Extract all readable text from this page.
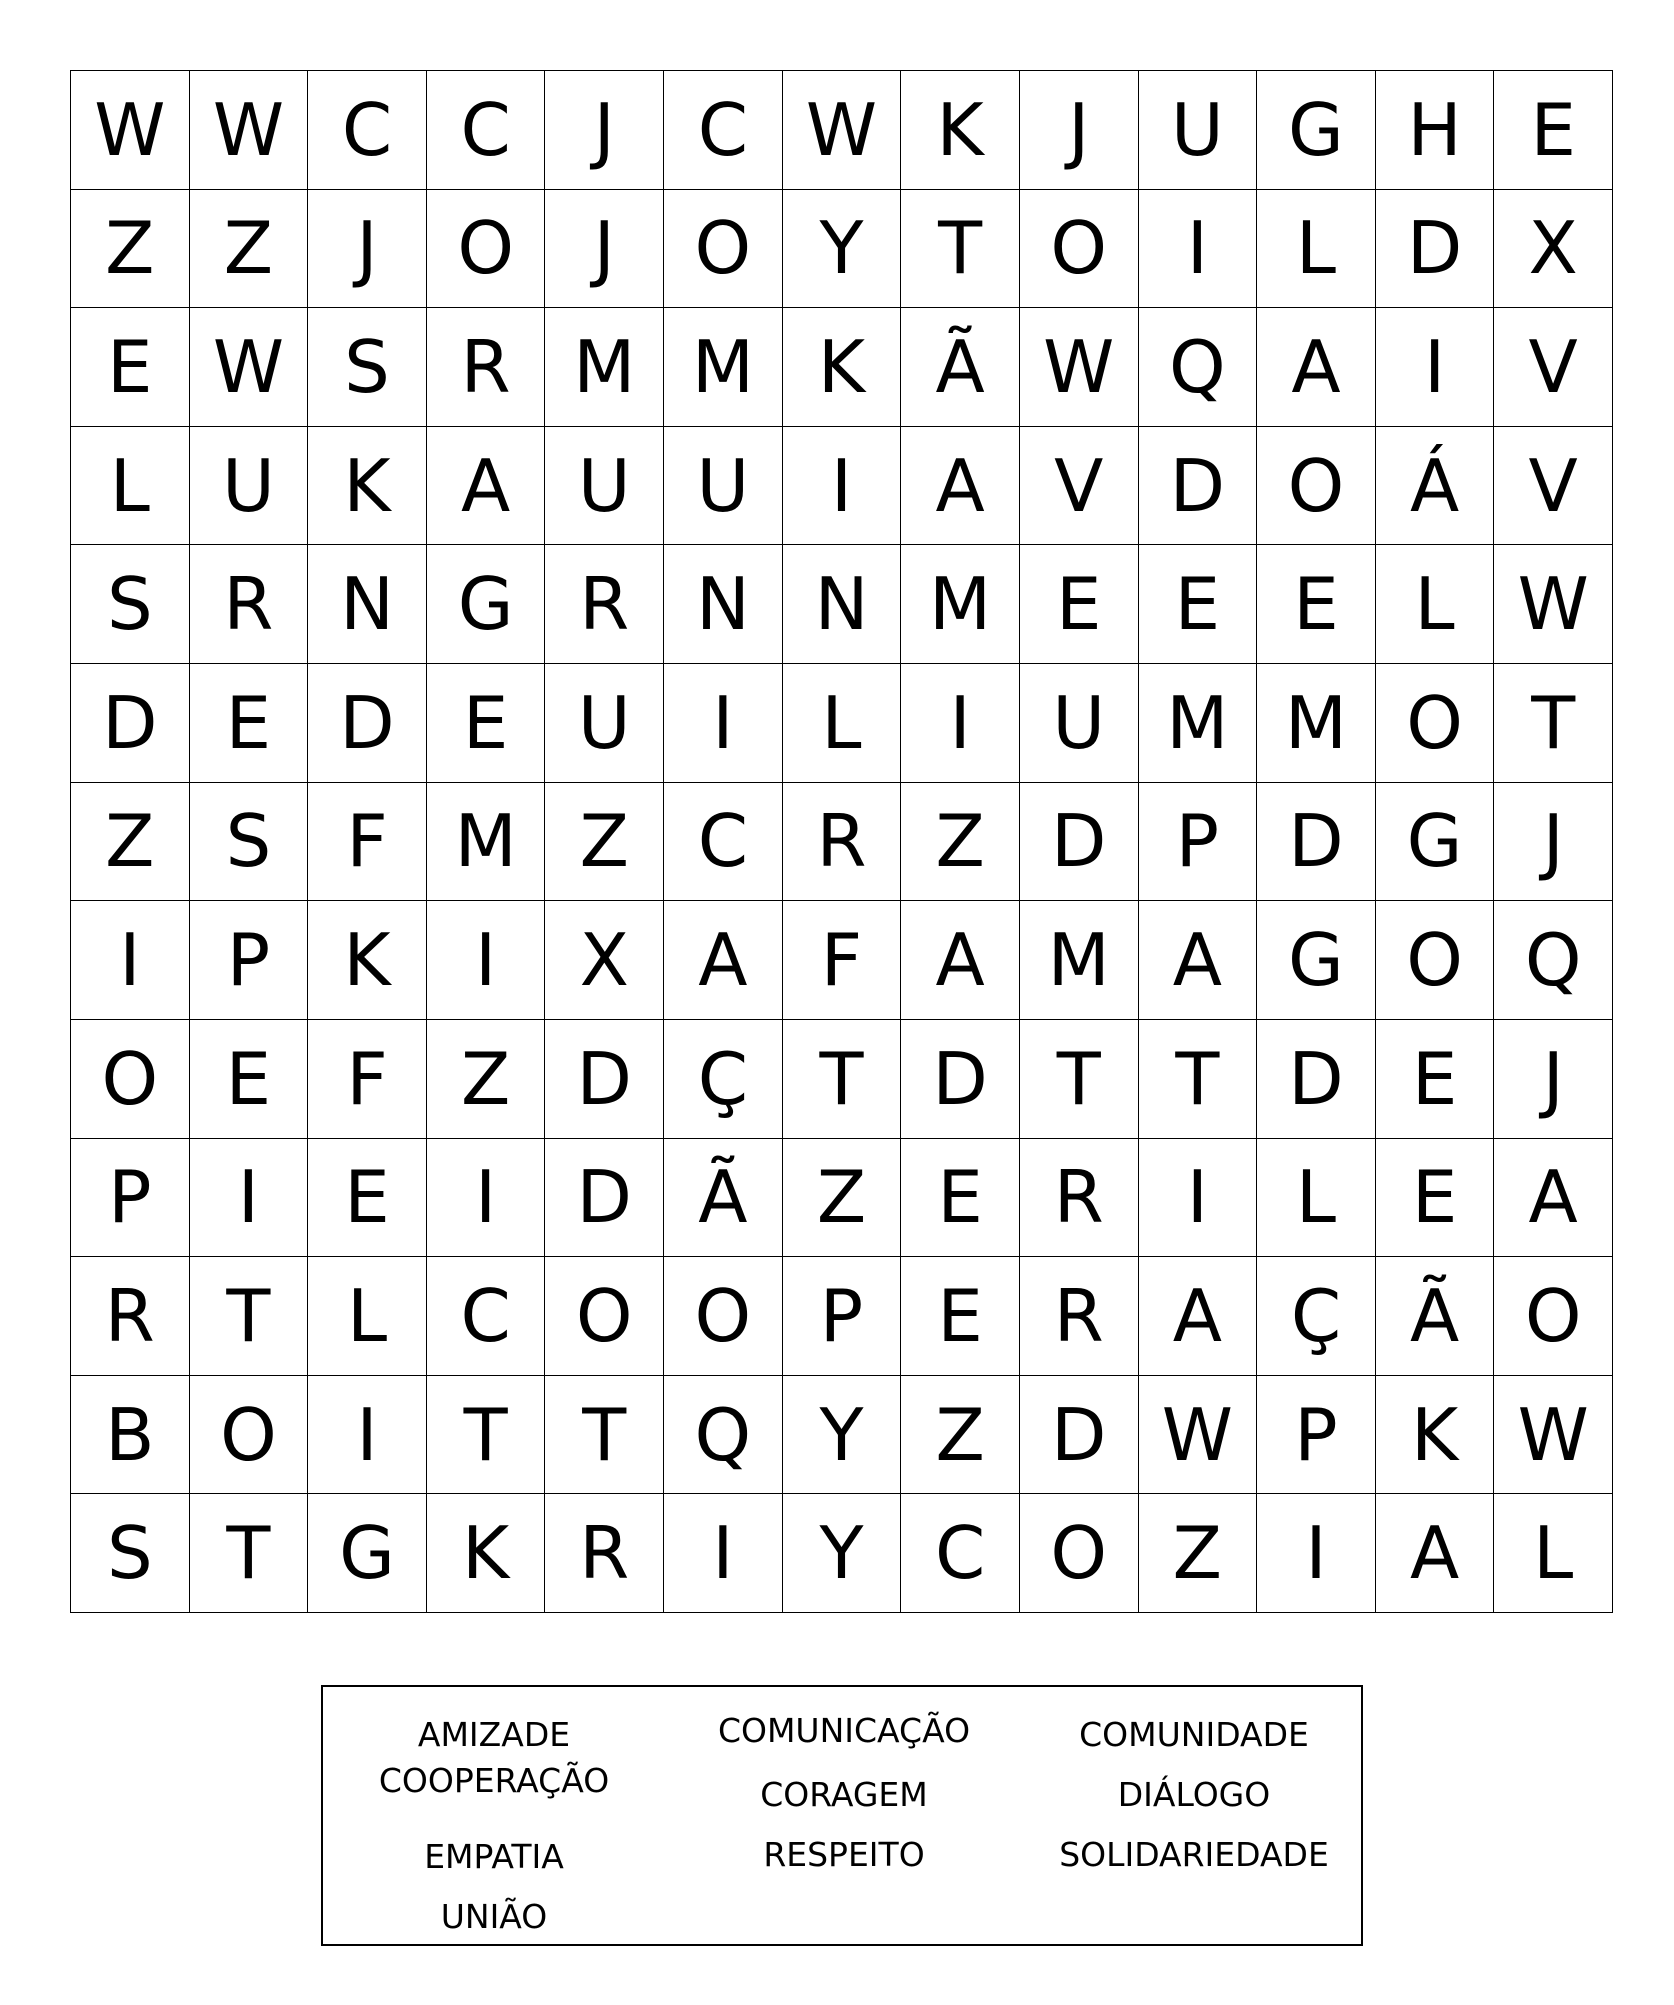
W W C C	J	C W K	J	U G H E
Z Z	J	O	J	O Y	T O	I	L D X
E W S R M M K Ã W Q A	I	V
L	U K A U U	I	A V D O Á V
S R N G R N N M E	E	E	L W
D E D E U	I	L	I	U M M O T
Z S	F M Z C R Z D P D G	J
I	P	K	I	X A	F	A M A G O Q
O E	F	Z D Ç T D T	T D E	J
P	I	E	I	D Ã Z E R	I	L	E A
R T	L	C O O P	E R A Ç Ã O
B O	I	T	T Q Y Z D W P	K W
S	T G K R	I	Y C O Z	I	A	L
AMIZADE	COMUNICAÇÃO	COMUNIDADE
COOPERAÇÃO	CORAGEM	DIÁLOGO
EMPATIA	RESPEITO	SOLIDARIEDADE
UNIÃO
